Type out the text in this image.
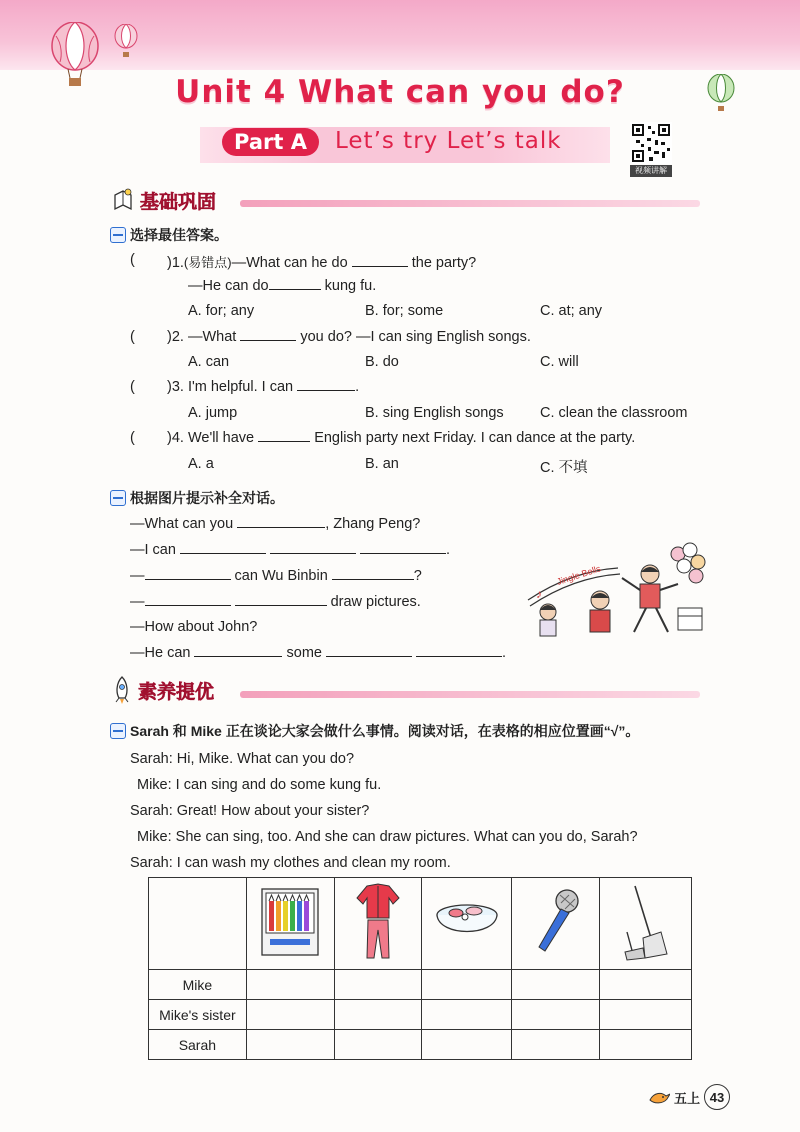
Unit 4 What can you do?
Part A	Let’s try Let’s talk
视频讲解
基础巩固
选择最佳答案。
( )1.(易错点)—What can he do	the party?
—He can do	kung fu.
A. for; any	B. for; some	C. at; any
( )2. —What	you do? —I can sing English songs.
A. can	B. do	C. will
( )3. I'm helpful. I can	.
A. jump	B. sing English songs	C. clean the classroom
( )4. We'll have	English party next Friday. I can dance at the party.
A. a	B. an	C. 不填
根据图片提示补全对话。
—What can you	, Zhang Peng?
—I can	.
—	can Wu Binbin	?
—	draw pictures.
—How about John?
—He can	some	.
Jingle Bells
♪
素养提优
Sarah 和 Mike 正在谈论大家会做什么事情。阅读对话，在表格的相应位置画“√”。
Sarah: Hi, Mike. What can you do?
Mike: I can sing and do some kung fu.
Sarah: Great! How about your sister?
Mike: She can sing, too. And she can draw pictures. What can you do, Sarah?
Sarah: I can wash my clothes and clean my room.

Mike					
Mike's sister					
Sarah					
五上 43
